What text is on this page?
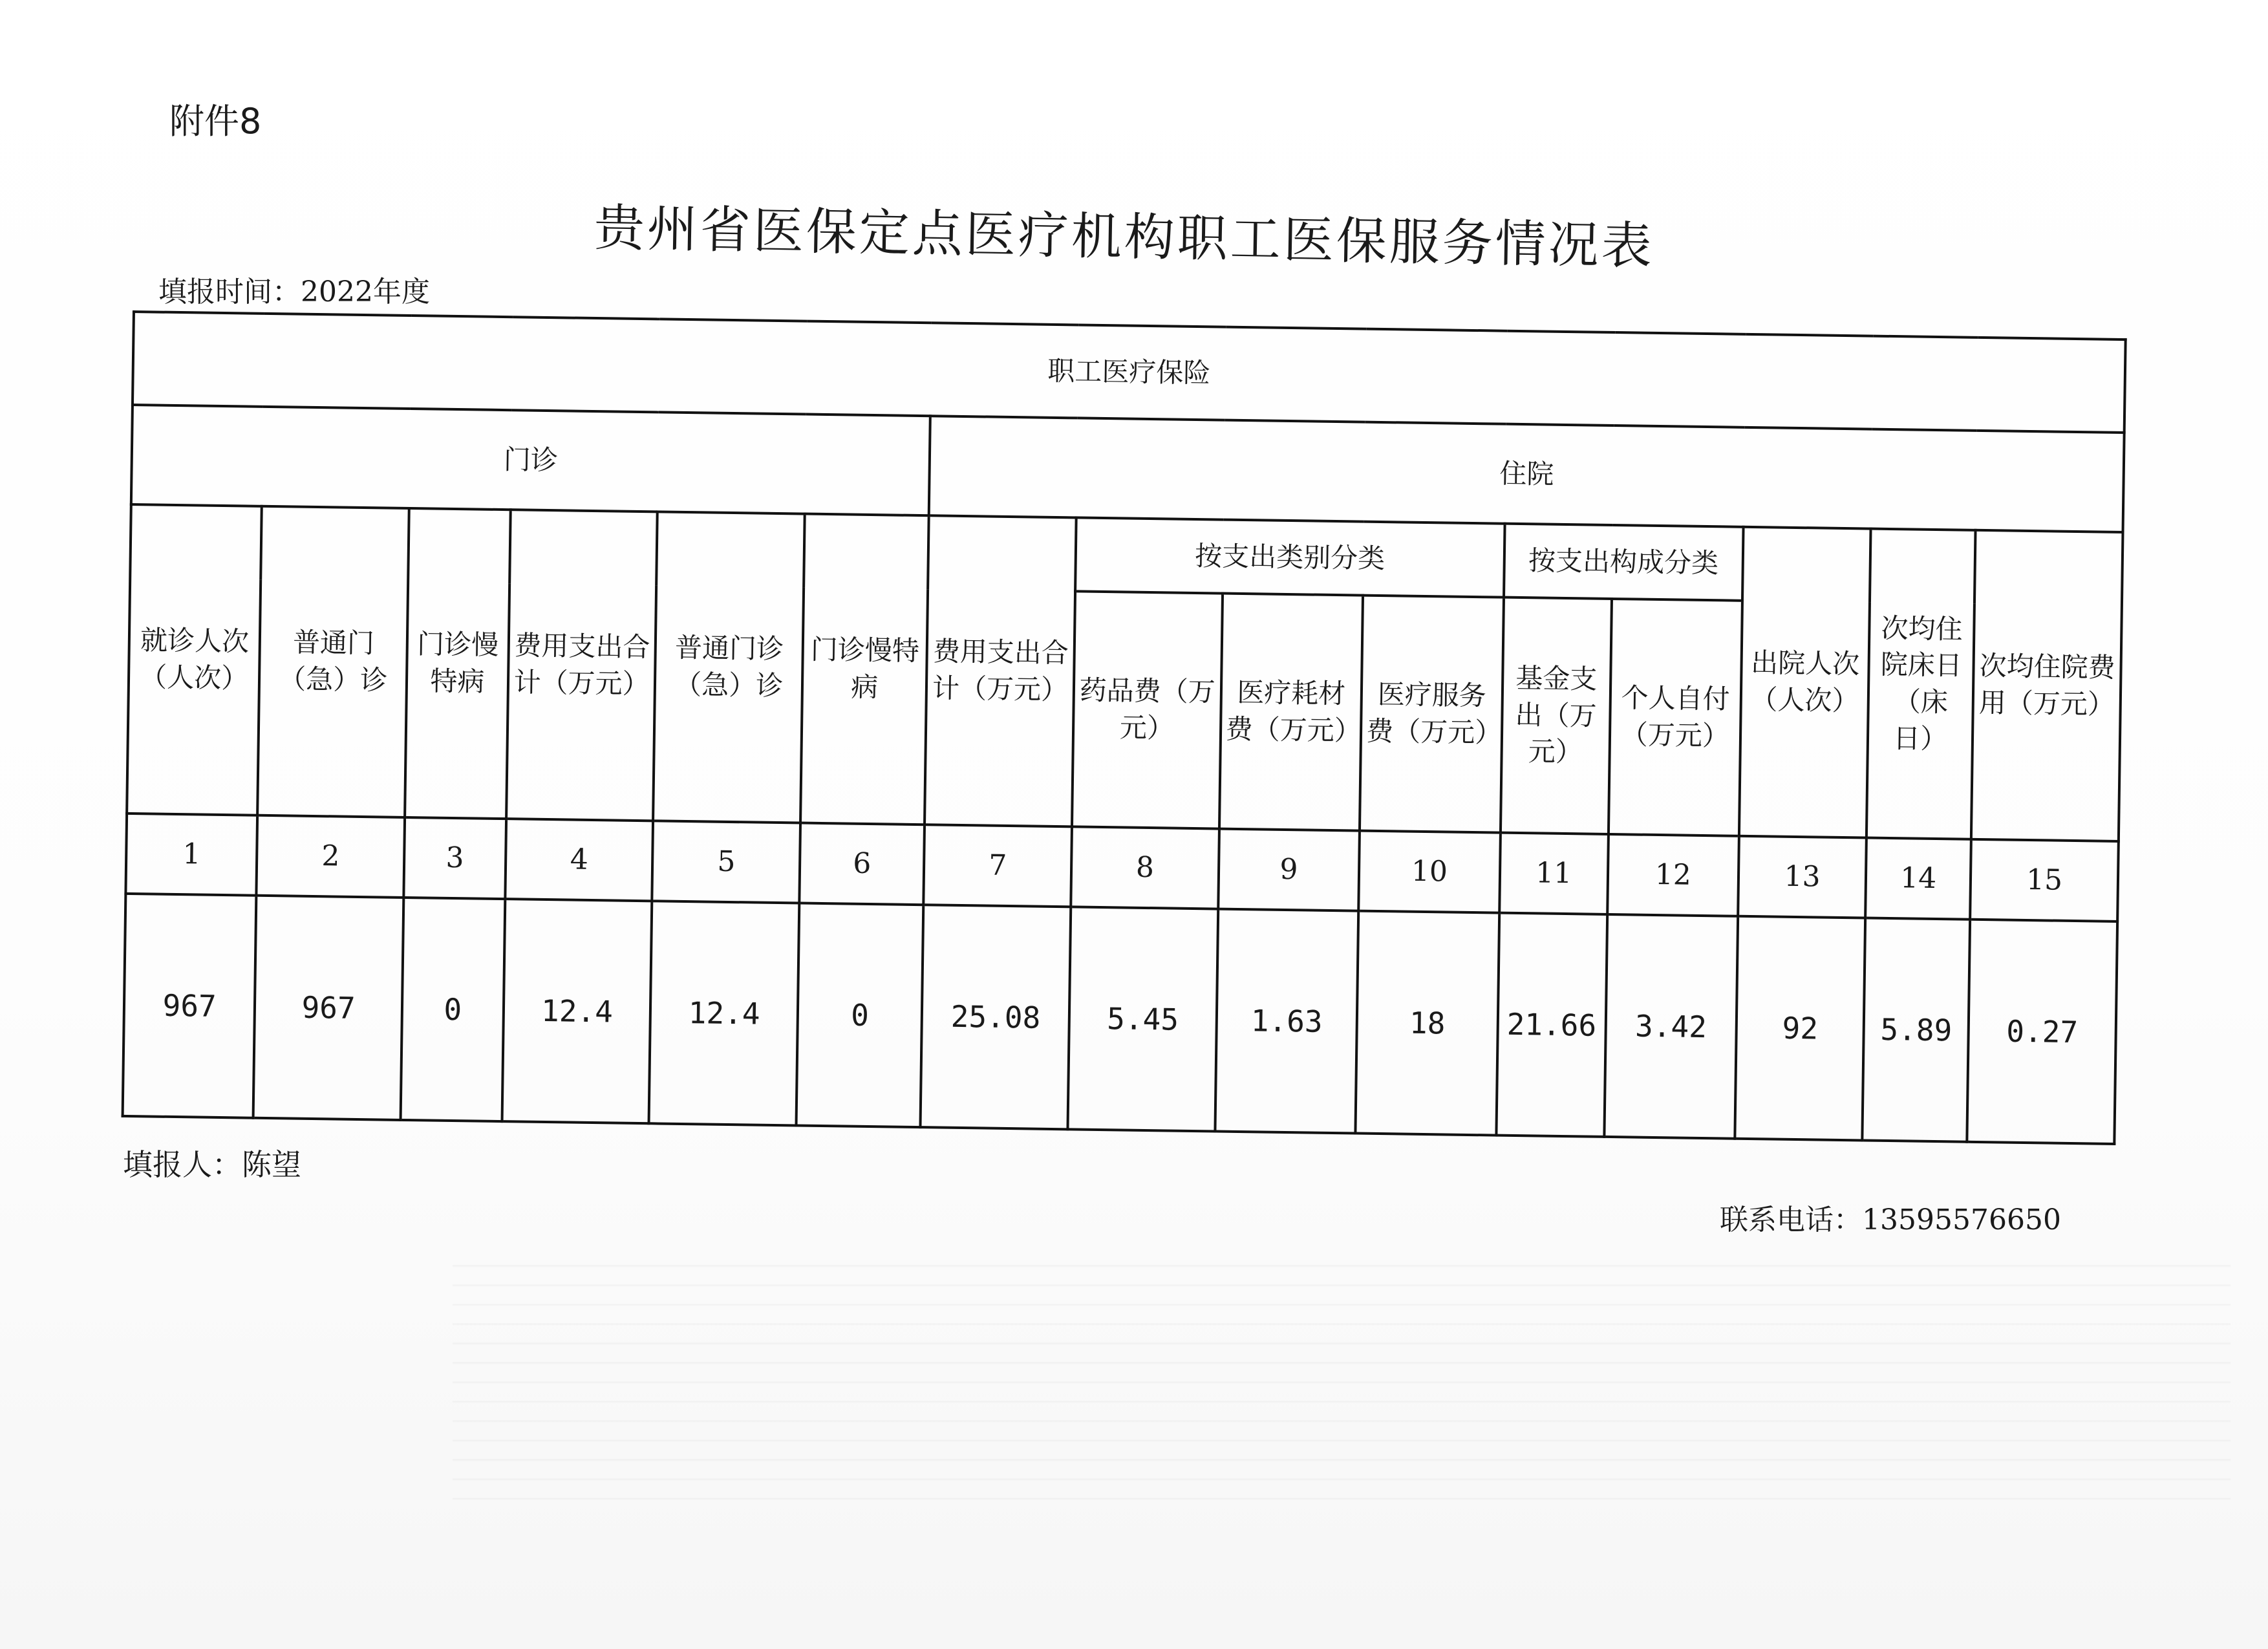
附件8
贵州省医保定点医疗机构职工医保服务情况表
填报时间：2022年度
职工医疗保险														
门诊						住院								
就诊人次（人次）	普通门（急）诊	门诊慢特病	费用支出合计（万元）	普通门诊（急）诊	门诊慢特病	费用支出合计（万元）	按支出类别分类			按支出构成分类		出院人次（人次）	次均住院床日（床日）	次均住院费用（万元）
							药品费（万元）	医疗耗材费（万元）	医疗服务费（万元）	基金支出（万元）	个人自付（万元）			
1	2	3	4	5	6	7	8	9	10	11	12	13	14	15
967	967	0	12.4	12.4	0	25.08	5.45	1.63	18	21.66	3.42	92	5.89	0.27
填报人：陈望
联系电话：13595576650
